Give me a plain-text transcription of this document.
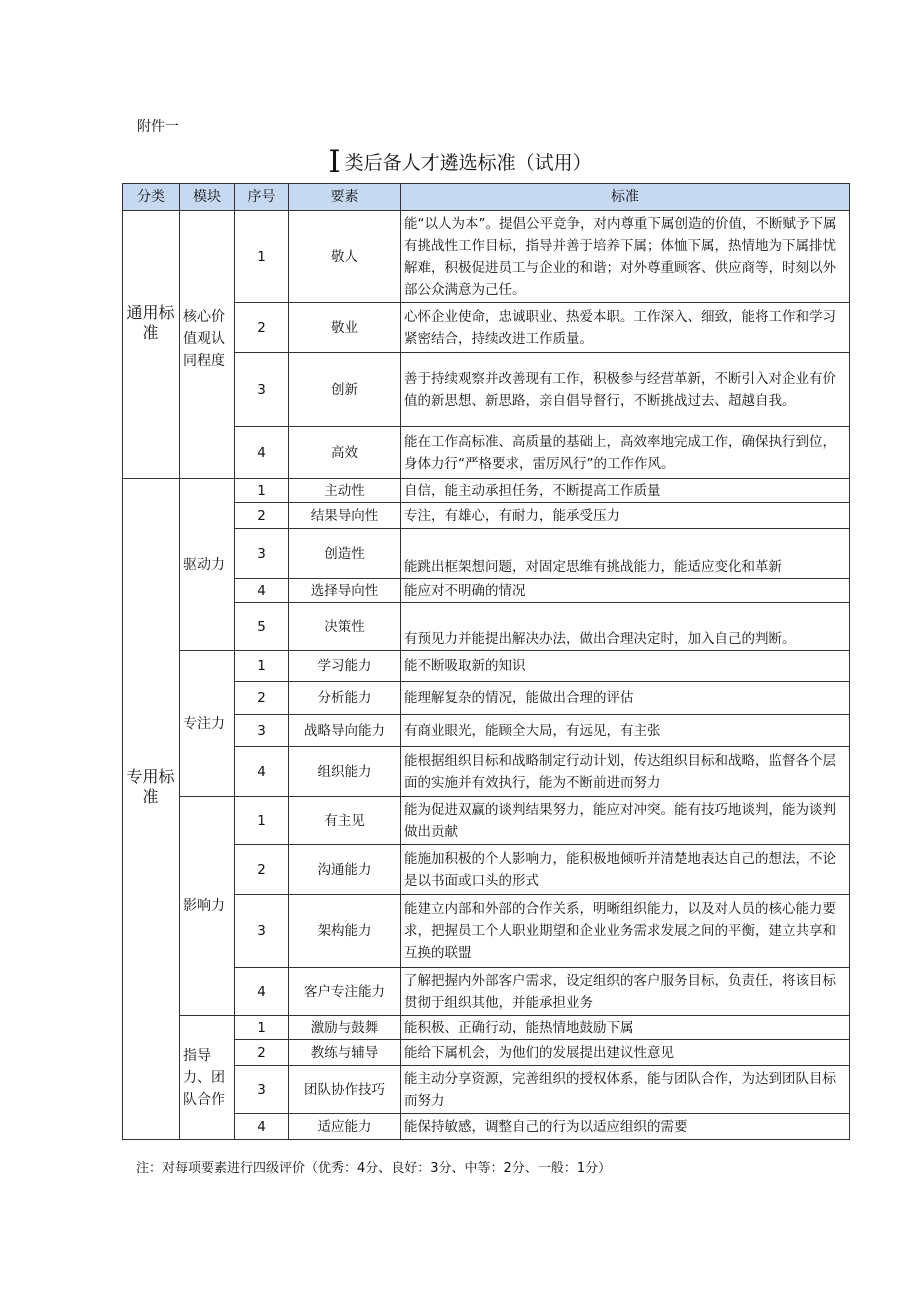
附件一
I类后备人才遴选标准（试用）
分类	模块	序号	要素	标准
通用标准	核心价值观认同程度	1	敬人	能“以人为本”。提倡公平竞争，对内尊重下属创造的价值，不断赋予下属有挑战性工作目标，指导并善于培养下属；体恤下属，热情地为下属排忧解难，积极促进员工与企业的和谐；对外尊重顾客、供应商等，时刻以外部公众满意为己任。
		2	敬业	心怀企业使命，忠诚职业、热爱本职。工作深入、细致，能将工作和学习紧密结合，持续改进工作质量。
		3	创新	善于持续观察并改善现有工作，积极参与经营革新，不断引入对企业有价值的新思想、新思路，亲自倡导督行，不断挑战过去、超越自我。
		4	高效	能在工作高标准、高质量的基础上，高效率地完成工作，确保执行到位，身体力行“严格要求，雷厉风行”的工作作风。
专用标准	驱动力	1	主动性	自信，能主动承担任务，不断提高工作质量
		2	结果导向性	专注，有雄心，有耐力，能承受压力
		3	创造性	能跳出框架想问题，对固定思维有挑战能力，能适应变化和革新
		4	选择导向性	能应对不明确的情况
		5	决策性	有预见力并能提出解决办法，做出合理决定时，加入自己的判断。
	专注力	1	学习能力	能不断吸取新的知识
		2	分析能力	能理解复杂的情况，能做出合理的评估
		3	战略导向能力	有商业眼光，能顾全大局，有远见，有主张
		4	组织能力	能根据组织目标和战略制定行动计划，传达组织目标和战略，监督各个层面的实施并有效执行，能为不断前进而努力
	影响力	1	有主见	能为促进双赢的谈判结果努力，能应对冲突。能有技巧地谈判，能为谈判做出贡献
		2	沟通能力	能施加积极的个人影响力，能积极地倾听并清楚地表达自己的想法，不论是以书面或口头的形式
		3	架构能力	能建立内部和外部的合作关系，明晰组织能力，以及对人员的核心能力要求，把握员工个人职业期望和企业业务需求发展之间的平衡，建立共享和互换的联盟
		4	客户专注能力	了解把握内外部客户需求，设定组织的客户服务目标，负责任，将该目标贯彻于组织其他，并能承担业务
	指导力、团队合作	1	激励与鼓舞	能积极、正确行动，能热情地鼓励下属
		2	教练与辅导	能给下属机会，为他们的发展提出建议性意见
		3	团队协作技巧	能主动分享资源，完善组织的授权体系，能与团队合作，为达到团队目标而努力
		4	适应能力	能保持敏感，调整自己的行为以适应组织的需要
注：对每项要素进行四级评价（优秀：4分、良好：3分、中等：2分、一般：1分）
